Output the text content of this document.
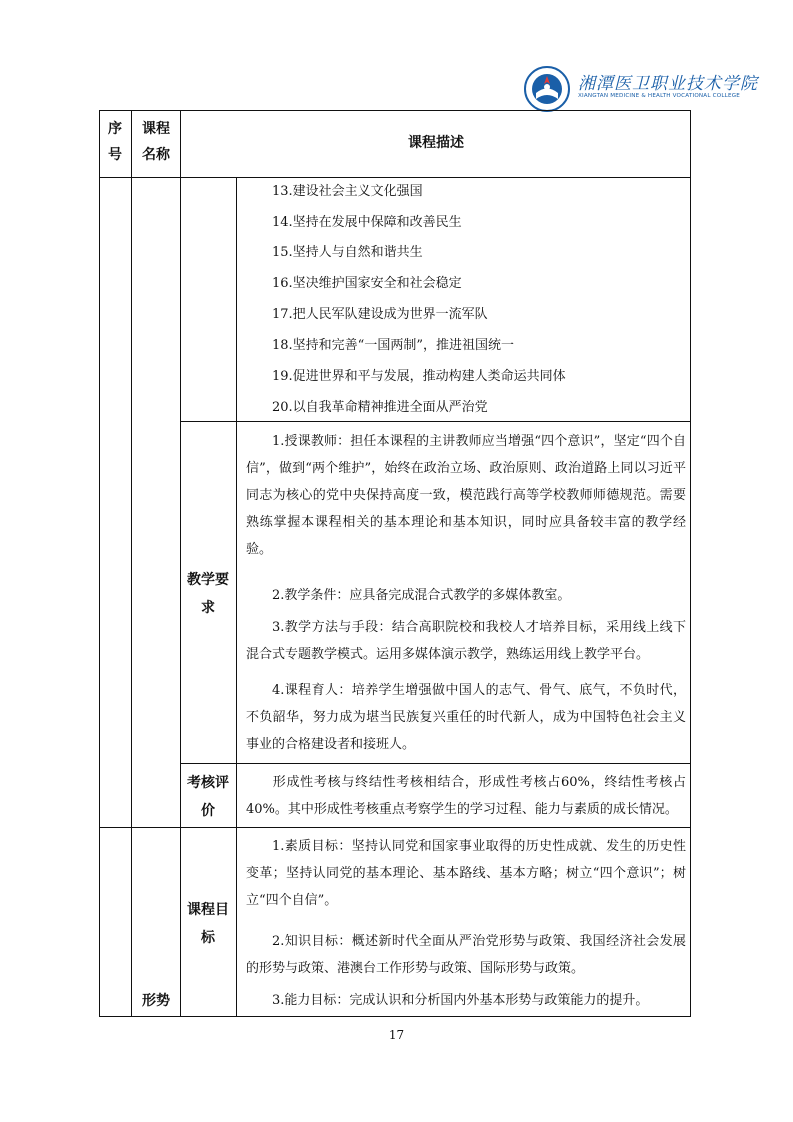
湘潭医卫职业技术学院
XIANGTAN MEDICINE & HEALTH VOCATIONAL COLLEGE
序号
课程名称
课程描述
教学要求
考核评价
课程目标
形势
13.建设社会主义文化强国
14.坚持在发展中保障和改善民生
15.坚持人与自然和谐共生
16.坚决维护国家安全和社会稳定
17.把人民军队建设成为世界一流军队
18.坚持和完善“一国两制”，推进祖国统一
19.促进世界和平与发展，推动构建人类命运共同体
20.以自我革命精神推进全面从严治党
1.授课教师：担任本课程的主讲教师应当增强“四个意识”，坚定“四个自信”，做到“两个维护”，始终在政治立场、政治原则、政治道路上同以习近平同志为核心的党中央保持高度一致，模范践行高等学校教师师德规范。需要熟练掌握本课程相关的基本理论和基本知识，同时应具备较丰富的教学经验。
2.教学条件：应具备完成混合式教学的多媒体教室。
3.教学方法与手段：结合高职院校和我校人才培养目标，采用线上线下混合式专题教学模式。运用多媒体演示教学，熟练运用线上教学平台。
4.课程育人：培养学生增强做中国人的志气、骨气、底气，不负时代，不负韶华，努力成为堪当民族复兴重任的时代新人，成为中国特色社会主义事业的合格建设者和接班人。
形成性考核与终结性考核相结合，形成性考核占60%，终结性考核占40%。其中形成性考核重点考察学生的学习过程、能力与素质的成长情况。
1.素质目标：坚持认同党和国家事业取得的历史性成就、发生的历史性变革；坚持认同党的基本理论、基本路线、基本方略；树立“四个意识”；树立“四个自信”。
2.知识目标：概述新时代全面从严治党形势与政策、我国经济社会发展的形势与政策、港澳台工作形势与政策、国际形势与政策。
3.能力目标：完成认识和分析国内外基本形势与政策能力的提升。
17
